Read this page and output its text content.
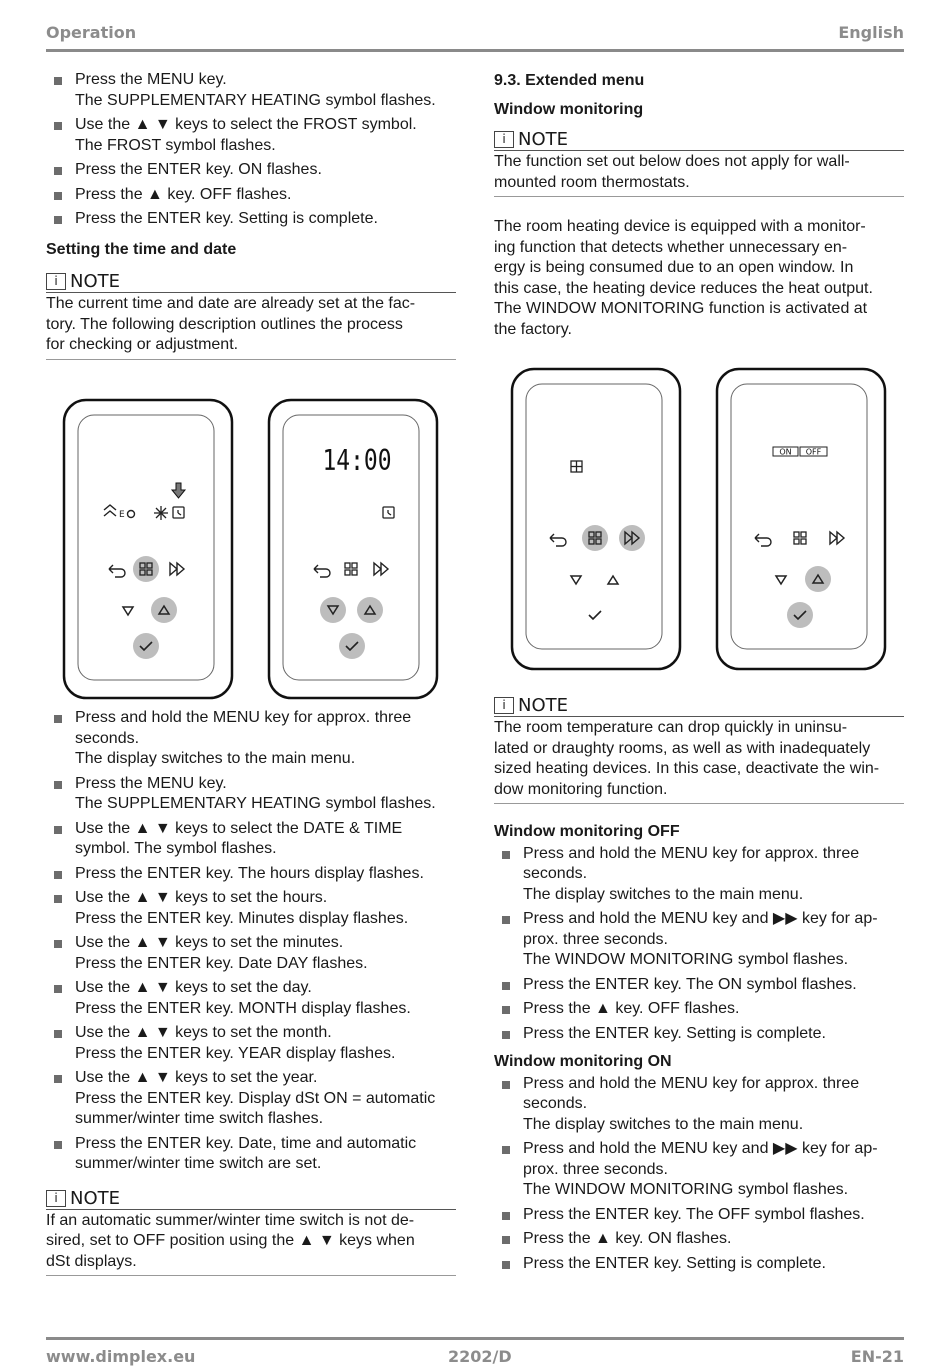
Operation	English
Press the MENU key.
The SUPPLEMENTARY HEATING symbol flashes.
Use the ▲ ▼ keys to select the FROST symbol.
The FROST symbol flashes.
Press the ENTER key. ON flashes.
Press the ▲ key. OFF flashes.
Press the ENTER key. Setting is complete.
Setting the time and date
i NOTE
The current time and date are already set at the fac-
tory. The following description outlines the process
for checking or adjustment.
E
14:00
Press and hold the MENU key for approx. three
seconds.
The display switches to the main menu.
Press the MENU key.
The SUPPLEMENTARY HEATING symbol flashes.
Use the ▲ ▼ keys to select the DATE & TIME
symbol. The symbol flashes.
Press the ENTER key. The hours display flashes.
Use the ▲ ▼ keys to set the hours.
Press the ENTER key. Minutes display flashes.
Use the ▲ ▼ keys to set the minutes.
Press the ENTER key. Date DAY flashes.
Use the ▲ ▼ keys to set the day.
Press the ENTER key. MONTH display flashes.
Use the ▲ ▼ keys to set the month.
Press the ENTER key. YEAR display flashes.
Use the ▲ ▼ keys to set the year.
Press the ENTER key. Display dSt ON = automatic
summer/winter time switch flashes.
Press the ENTER key. Date, time and automatic
summer/winter time switch are set.
i NOTE
If an automatic summer/winter time switch is not de-
sired, set to OFF position using the ▲ ▼ keys when
dSt displays.
9.3. Extended menu
Window monitoring
i NOTE
The function set out below does not apply for wall-
mounted room thermostats.
The room heating device is equipped with a monitor-
ing function that detects whether unnecessary en-
ergy is being consumed due to an open window. In
this case, the heating device reduces the heat output.
The WINDOW MONITORING function is activated at
the factory.
ON OFF
i NOTE
The room temperature can drop quickly in uninsu-
lated or draughty rooms, as well as with inadequately
sized heating devices. In this case, deactivate the win-
dow monitoring function.
Window monitoring OFF
Press and hold the MENU key for approx. three
seconds.
The display switches to the main menu.
Press and hold the MENU key and ▶▶ key for ap-
prox. three seconds.
The WINDOW MONITORING symbol flashes.
Press the ENTER key. The ON symbol flashes.
Press the ▲ key. OFF flashes.
Press the ENTER key. Setting is complete.
Window monitoring ON
Press and hold the MENU key for approx. three
seconds.
The display switches to the main menu.
Press and hold the MENU key and ▶▶ key for ap-
prox. three seconds.
The WINDOW MONITORING symbol flashes.
Press the ENTER key. The OFF symbol flashes.
Press the ▲ key. ON flashes.
Press the ENTER key. Setting is complete.
www.dimplex.eu	2202/D	EN-21
